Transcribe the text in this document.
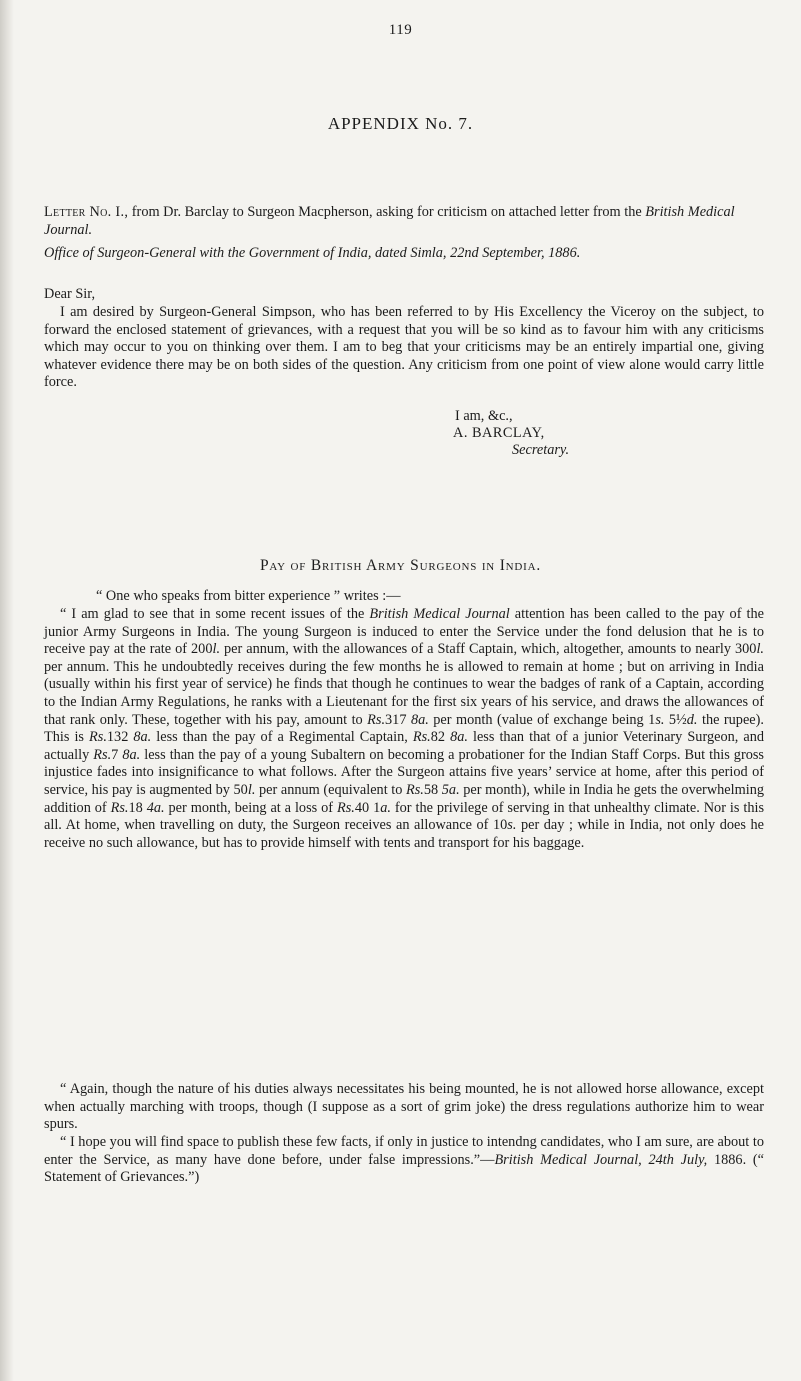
119
APPENDIX No. 7.
Letter No. I., from Dr. Barclay to Surgeon Macpherson, asking for criticism on attached letter from the British Medical Journal.
Office of Surgeon-General with the Government of India, dated Simla, 22nd September, 1886.
Dear Sir,
I am desired by Surgeon-General Simpson, who has been referred to by His Excellency the Viceroy on the subject, to forward the enclosed statement of grievances, with a request that you will be so kind as to favour him with any criticisms which may occur to you on thinking over them. I am to beg that your criticisms may be an entirely impartial one, giving whatever evidence there may be on both sides of the question. Any criticism from one point of view alone would carry little force.
I am, &c.,
A. BARCLAY,
Secretary.
Pay of British Army Surgeons in India.
“ One who speaks from bitter experience ” writes :—
“ I am glad to see that in some recent issues of the British Medical Journal attention has been called to the pay of the junior Army Surgeons in India. The young Surgeon is induced to enter the Service under the fond delusion that he is to receive pay at the rate of 200l. per annum, with the allowances of a Staff Captain, which, altogether, amounts to nearly 300l. per annum. This he undoubtedly receives during the few months he is allowed to remain at home ; but on arriving in India (usually within his first year of service) he finds that though he continues to wear the badges of rank of a Captain, according to the Indian Army Regulations, he ranks with a Lieutenant for the first six years of his service, and draws the allowances of that rank only. These, together with his pay, amount to Rs.317 8a. per month (value of exchange being 1s. 5½d. the rupee). This is Rs.132 8a. less than the pay of a Regimental Captain, Rs.82 8a. less than that of a junior Veterinary Surgeon, and actually Rs.7 8a. less than the pay of a young Subaltern on becoming a probationer for the Indian Staff Corps. But this gross injustice fades into insignificance to what follows. After the Surgeon attains five years’ service at home, after this period of service, his pay is augmented by 50l. per annum (equivalent to Rs.58 5a. per month), while in India he gets the overwhelming addition of Rs.18 4a. per month, being at a loss of Rs.40 1a. for the privilege of serving in that unhealthy climate. Nor is this all. At home, when travelling on duty, the Surgeon receives an allowance of 10s. per day ; while in India, not only does he receive no such allowance, but has to provide himself with tents and transport for his baggage.
“ Again, though the nature of his duties always necessitates his being mounted, he is not allowed horse allowance, except when actually marching with troops, though (I suppose as a sort of grim joke) the dress regulations authorize him to wear spurs.
“ I hope you will find space to publish these few facts, if only in justice to intendng candidates, who I am sure, are about to enter the Service, as many have done before, under false impressions.”—British Medical Journal, 24th July, 1886. (“ Statement of Grievances.”)
